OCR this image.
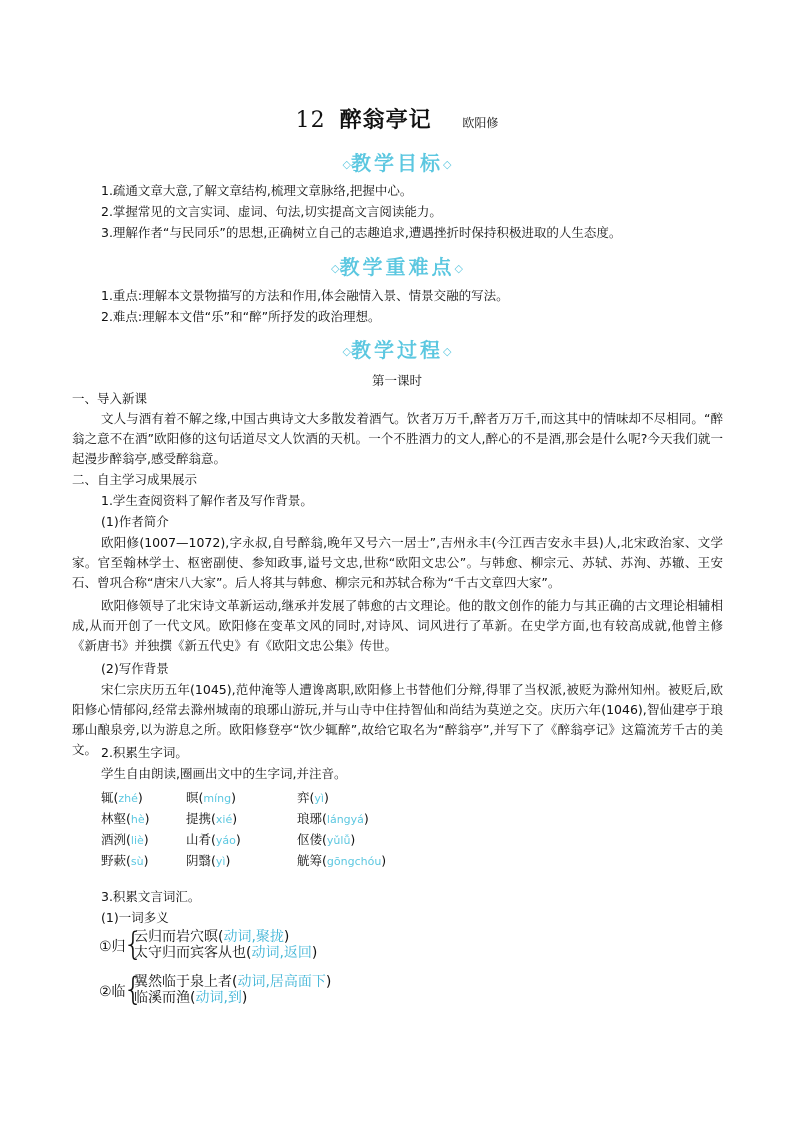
12 醉翁亭记	欧阳修
◇教学目标◇
1.疏通文章大意,了解文章结构,梳理文章脉络,把握中心。
2.掌握常见的文言实词、虚词、句法,切实提高文言阅读能力。
3.理解作者“与民同乐”的思想,正确树立自己的志趣追求,遭遇挫折时保持积极进取的人生态度。
◇教学重难点◇
1.重点:理解本文景物描写的方法和作用,体会融情入景、情景交融的写法。
2.难点:理解本文借“乐”和“醉”所抒发的政治理想。
◇教学过程◇
第一课时
一、导入新课
文人与酒有着不解之缘,中国古典诗文大多散发着酒气。饮者万万千,醉者万万千,而这其中的情味却不尽相同。“醉翁之意不在酒”欧阳修的这句话道尽文人饮酒的天机。一个不胜酒力的文人,醉心的不是酒,那会是什么呢?今天我们就一起漫步醉翁亭,感受醉翁意。
二、自主学习成果展示
1.学生查阅资料了解作者及写作背景。
(1)作者简介
欧阳修(1007—1072),字永叔,自号醉翁,晚年又号六一居士”,吉州永丰(今江西吉安永丰县)人,北宋政治家、文学家。官至翰林学士、枢密副使、参知政事,谥号文忠,世称“欧阳文忠公”。与韩愈、柳宗元、苏轼、苏洵、苏辙、王安石、曾巩合称“唐宋八大家”。后人将其与韩愈、柳宗元和苏轼合称为“千古文章四大家”。
欧阳修领导了北宋诗文革新运动,继承并发展了韩愈的古文理论。他的散文创作的能力与其正确的古文理论相辅相成,从而开创了一代文风。欧阳修在变革文风的同时,对诗风、词风进行了革新。在史学方面,也有较高成就,他曾主修《新唐书》并独撰《新五代史》有《欧阳文忠公集》传世。
(2)写作背景
宋仁宗庆历五年(1045),范仲淹等人遭谗离职,欧阳修上书替他们分辩,得罪了当权派,被贬为滁州知州。被贬后,欧阳修心情郁闷,经常去滁州城南的琅琊山游玩,并与山寺中住持智仙和尚结为莫逆之交。庆历六年(1046),智仙建亭于琅琊山酿泉旁,以为游息之所。欧阳修登亭“饮少辄醉”,故给它取名为“醉翁亭”,并写下了《醉翁亭记》这篇流芳千古的美文。 2.积累生字词。
学生自由朗读,圈画出文中的生字词,并注音。
辄(zhé)	暝(míng)	弈(yì)
林壑(hè)	提携(xié)	琅琊(lángyá)
酒洌(liè)	山肴(yáo)	伛偻(yǔlǚ)
野蔌(sù)	阴翳(yì)	觥筹(gōngchóu)
3.积累文言词汇。
(1)一词多义
①归
{
云归而岩穴暝(动词,聚拢)
太守归而宾客从也(动词,返回)
②临
{
翼然临于泉上者(动词,居高面下)
临溪而渔(动词,到)
